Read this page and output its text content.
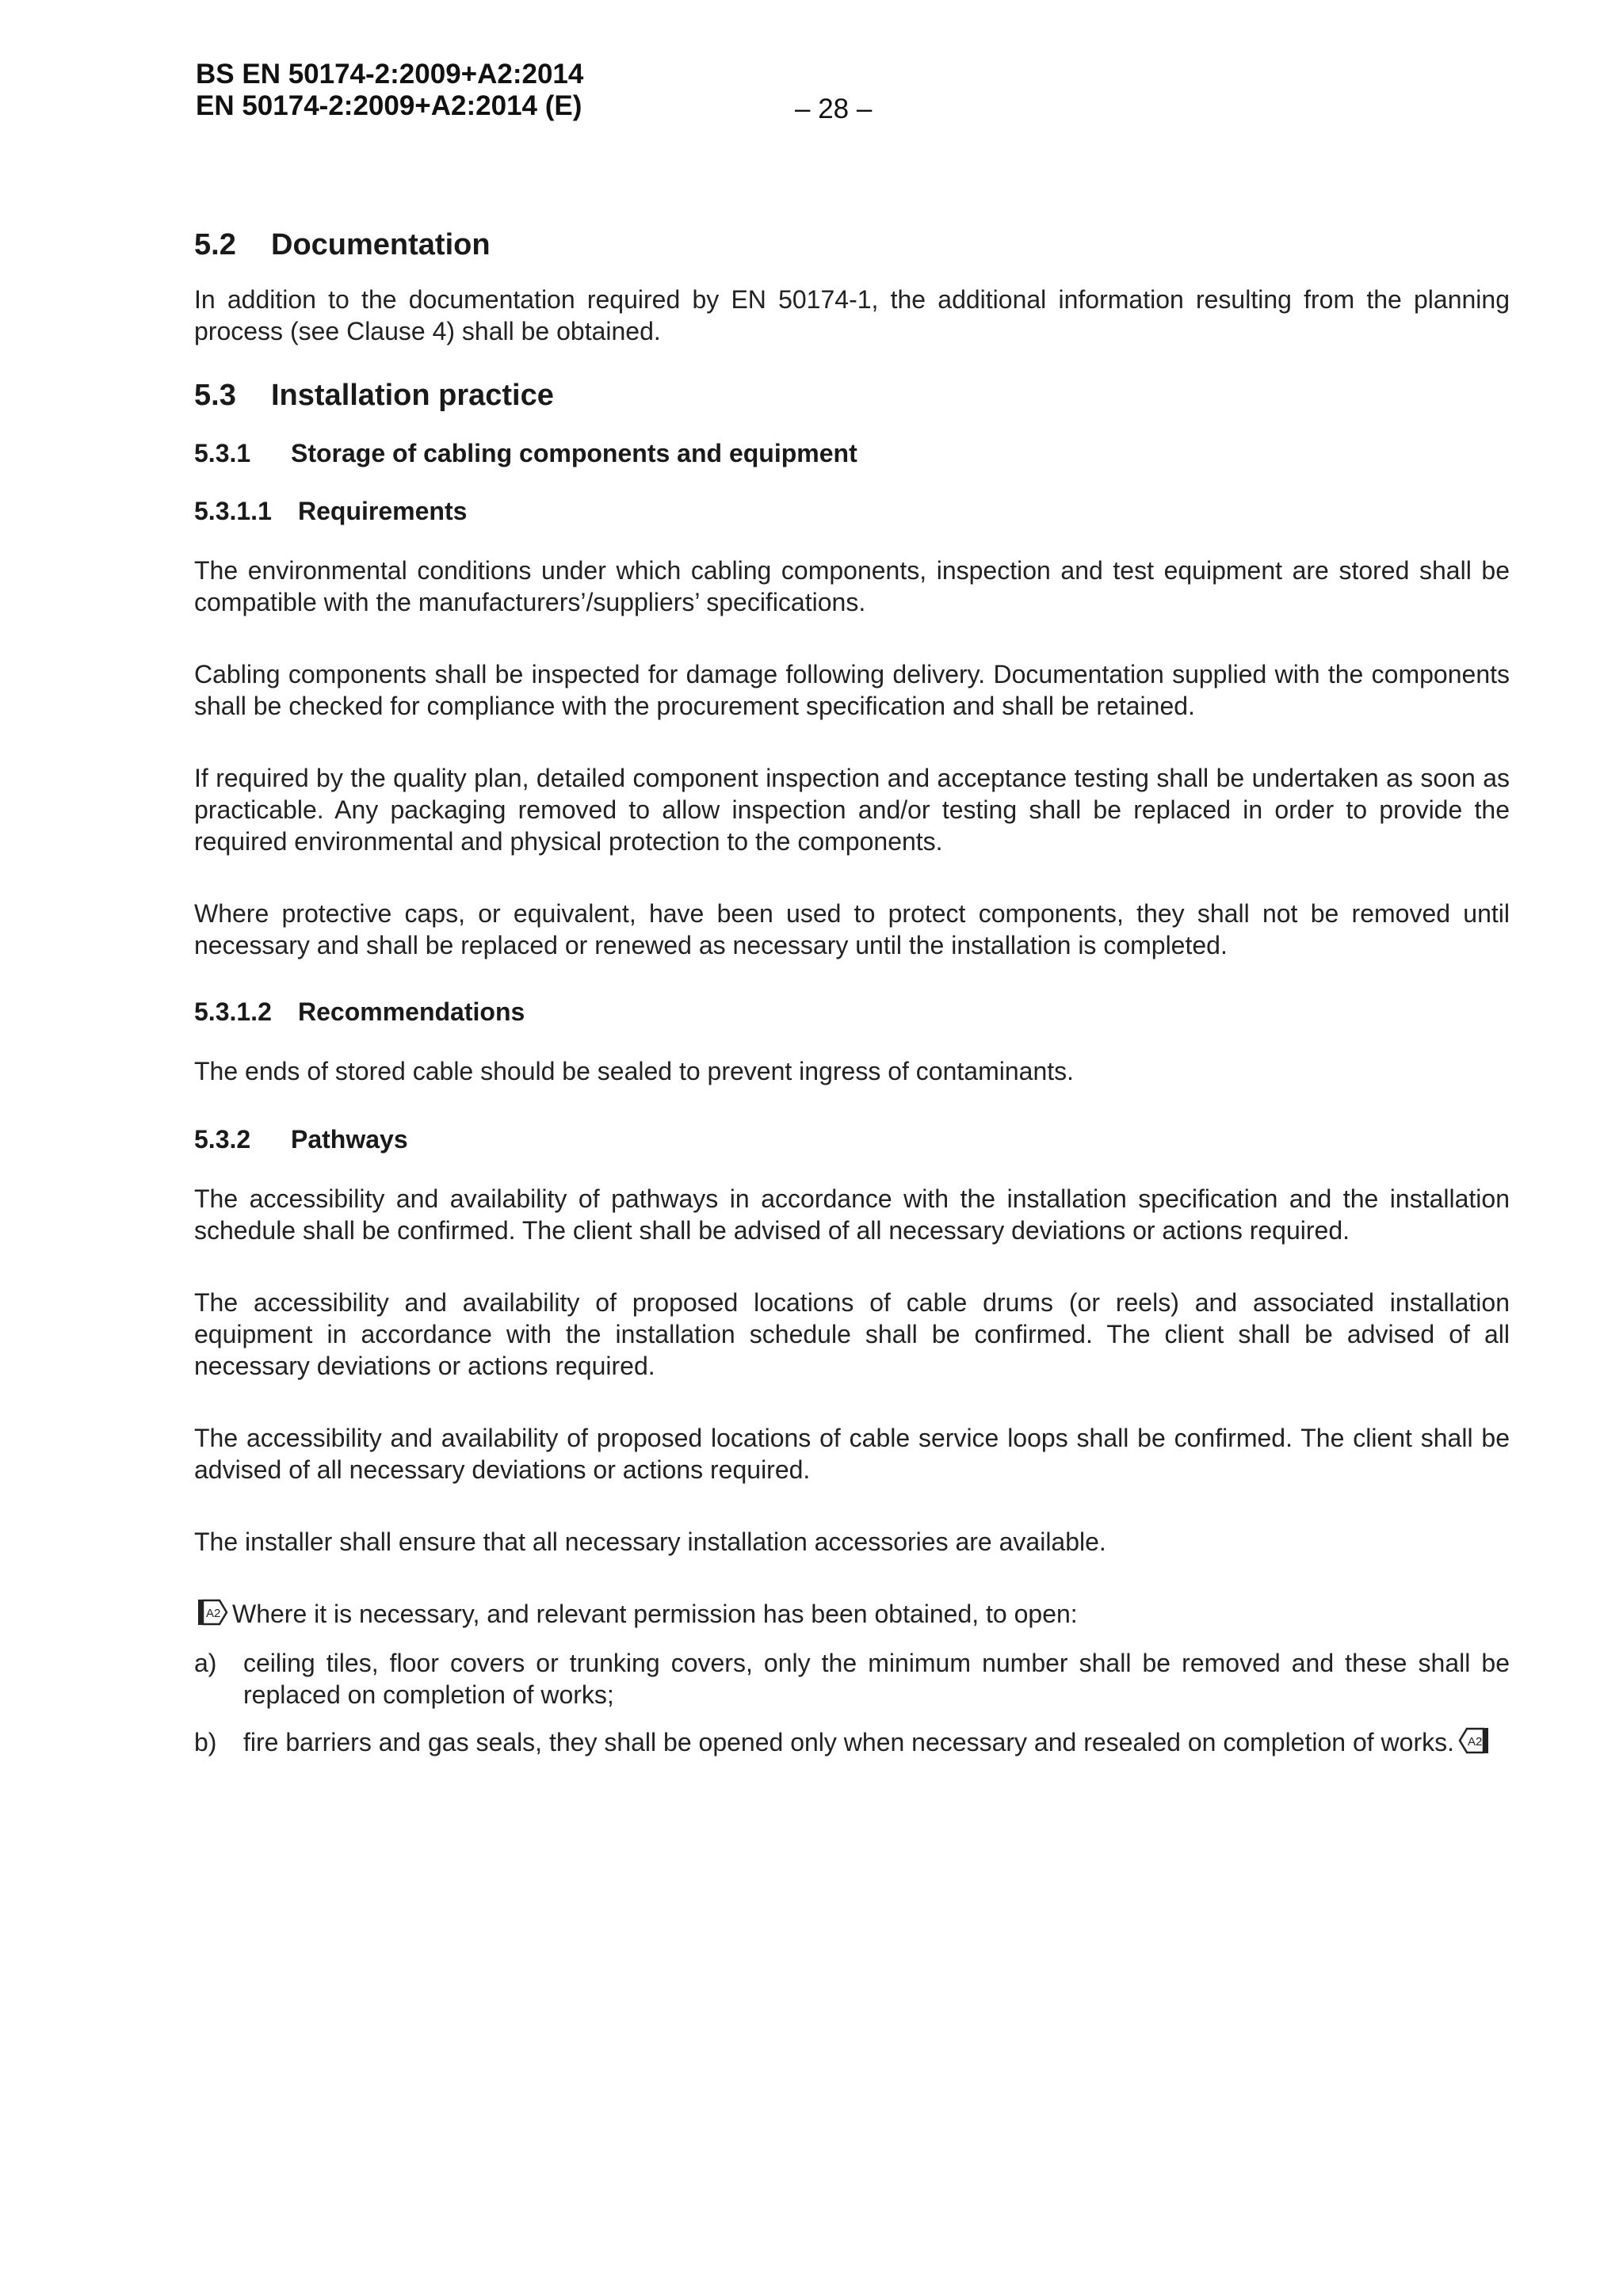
BS EN 50174-2:2009+A2:2014
EN 50174-2:2009+A2:2014 (E)	– 28 –
5.2 Documentation

In addition to the documentation required by EN 50174-1, the additional information resulting from the planning process (see Clause 4) shall be obtained.

5.3 Installation practice
5.3.1 Storage of cabling components and equipment
5.3.1.1 Requirements

The environmental conditions under which cabling components, inspection and test equipment are stored shall be compatible with the manufacturers’/suppliers’ specifications.

Cabling components shall be inspected for damage following delivery. Documentation supplied with the components shall be checked for compliance with the procurement specification and shall be retained.

If required by the quality plan, detailed component inspection and acceptance testing shall be undertaken as soon as practicable. Any packaging removed to allow inspection and/or testing shall be replaced in order to provide the required environmental and physical protection to the components.

Where protective caps, or equivalent, have been used to protect components, they shall not be removed until necessary and shall be replaced or renewed as necessary until the installation is completed.

5.3.1.2 Recommendations

The ends of stored cable should be sealed to prevent ingress of contaminants.

5.3.2 Pathways

The accessibility and availability of pathways in accordance with the installation specification and the installation schedule shall be confirmed. The client shall be advised of all necessary deviations or actions required.

The accessibility and availability of proposed locations of cable drums (or reels) and associated installation equipment in accordance with the installation schedule shall be confirmed. The client shall be advised of all necessary deviations or actions required.

The accessibility and availability of proposed locations of cable service loops shall be confirmed. The client shall be advised of all necessary deviations or actions required.

The installer shall ensure that all necessary installation accessories are available.

A2 Where it is necessary, and relevant permission has been obtained, to open:

a)	ceiling tiles, floor covers or trunking covers, only the minimum number shall be removed and these shall be replaced on completion of works;
b)	fire barriers and gas seals, they shall be opened only when necessary and resealed on completion of works. A2
